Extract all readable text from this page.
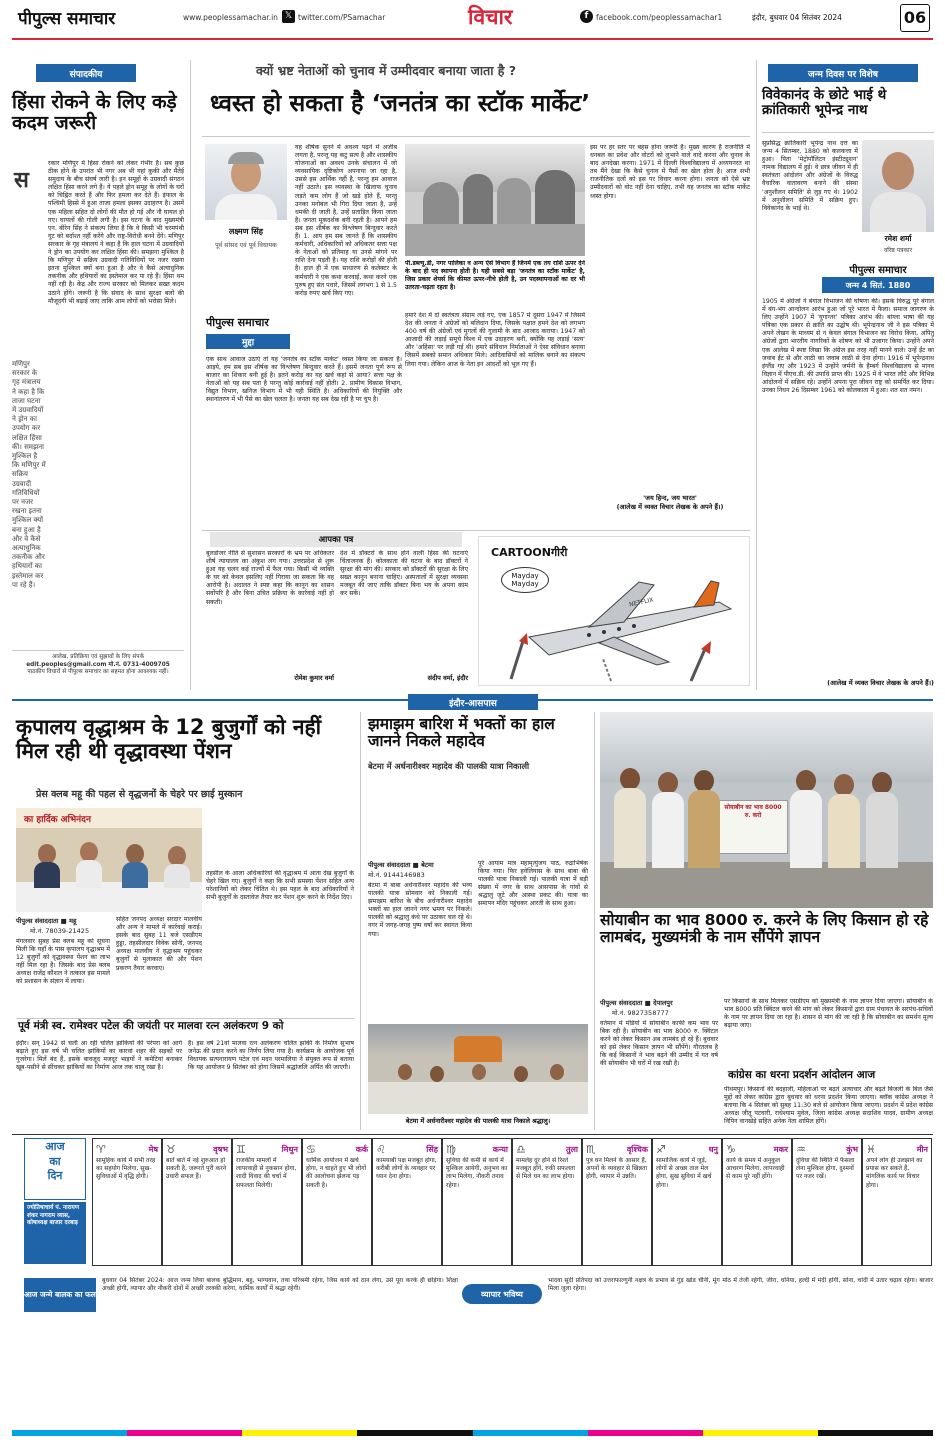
पीपुल्स समाचार	www.peoplessamachar.in 𝕏 twitter.com/PSamachar	विचार	f	facebook.com/peoplessamachar1	इंदौर, बुधवार 04 सितंबर 2024	06
संपादकीय
हिंसा रोकने के लिए कड़े कदम जरूरी
स
रकार मणिपुर में हिंसा रोकने को लेकर गंभीर है। सब कुछ ठीक होने के उपरांत भी नगर अब भी यहां कुकी और मैतेई समुदाय के बीच संघर्ष जारी है। इन समूहों के उग्रवादी संगठन लक्षित हिंसा करने लगे हैं। ये पहले ड्रोन समूह के लोगों के घरों को चिह्नित करते हैं और फिर हमला कर देते हैं। इंफाल के पश्चिमी हिस्से में हुआ ताजा हमला इसका उदाहरण है। उसमें एक महिला सहित दो लोगों की मौत हो गई और नौ घायल हो गए। घायलों की गोली लगी है। इस घटना के बाद मुख्यमंत्री एन. बीरेन सिंह ने संकल्प लिया है कि वे किसी भी चरमपंथी गुट को बर्दाश्त नहीं करेंगे और राष्ट्र-विरोधी बनने देंगे। मणिपुर सरकार के गृह मंत्रालय ने कहा है कि हाल घटना में उग्रवादियों ने ड्रोन का उपयोग कर लक्षित हिंसा की। समझना मुश्किल है कि मणिपुर में सक्रिय उग्रवादी गतिविधियों पर नजर रखना इतना मुश्किल क्यों बना हुआ है और वे कैसे अत्याधुनिक तकनीक और हथियारों का इस्तेमाल कर पा रहे हैं। हिंसा थम नहीं रही है। केंद्र और राज्य सरकार को मिलकर सख्त कदम उठाने होंगे। जरूरी है कि संवाद के साथ सुरक्षा बलों की मौजूदगी भी बढ़ाई जाए ताकि आम लोगों को भरोसा मिले।
मणिपुर सरकार के गृह मंत्रालय ने कहा है कि ताजा घटना में उग्रवादियों ने ड्रोन का उपयोग कर लक्षित हिंसा की। समझना मुश्किल है कि मणिपुर में सक्रिय उग्रवादी गतिविधियों पर नजर रखना इतना मुश्किल क्यों बना हुआ है और वे कैसे अत्याधुनिक तकनीक और हथियारों का इस्तेमाल कर पा रहे हैं।
आलेख, प्रतिक्रिया एवं सुझावों के लिए संपर्क
edit.peoples@gmail.com मो.नं. 0731-4009705
पाठकीय विचारों से पीपुल्स समाचार का सहमत होना आवश्यक नहीं।
क्यों भ्रष्ट नेताओं को चुनाव में उम्मीदवार बनाया जाता है ?
ध्वस्त हो सकता है ‘जनतंत्र का स्टॉक मार्केट’
लक्ष्मण सिंह
पूर्व सांसद एवं पूर्व विधायक
पीपुल्स समाचार
मुद्दा
यह शीर्षक सुनने में अवश्य पढ़ने में अजीब लगता है, परन्तु यह कटु सत्य है और शासकीय योजनाओं का अवश्य उनके संचालन में जो व्यवसायिक दृष्टिकोण अपनाया जा रहा है, उससे इस आर्थिक नहीं है, परन्तु हम आवाज नहीं उठाते। इस व्यवस्था के खिलाफ चुनाव लड़ते कम लोग हैं जो खड़े होते हैं, परन्तु उनका मनोबल भी गिरा दिया जाता है, उन्हें धमकी दी जाती है, उन्हें प्रताड़ित किया जाता है। जनता मूकदर्शक बनी रहती है। आपने हम सब इस शीर्षक का विश्लेषण बिन्दुवार करते हैं। 1. आप हम सब जानते हैं कि शासकीय कर्मचारी, अधिकारियों को अधिकतर सत्ता पक्ष के नेताओं को प्रतिमाह या उनसे मांगने पर राशि देना पड़ती है। यह राशि करोड़ों की होती है। हाल ही में एक साधारण से कलेक्टर के कर्मचारी ने एक कथा करवाई, कथा करने एक पुरुष हुए संत पधारे, जिसमें लगभग 1 से 1.5 करोड़ रुपए खर्च किए गए।
एक साथ आवाज उठाएं तो यह 'जनतंत्र का स्टॉक मार्केट' ध्वस्त किया जा सकता है। आइये, हम सब इस शीर्षक का विश्लेषण बिन्दुवार करते हैं। इसमें जनता पूर्ण रूप से बाजार का शिकार बनी हुई है। इतने करोड़ का यह खर्च कहां से आया? सत्ता पक्ष के नेताओं को यह सब पता है परन्तु कोई कार्रवाई नहीं होती। 2. प्रामीण विकास विभाग, विद्युत विभाग, खनिज विभाग में भी यही स्थिति है। अधिकारियों की नियुक्ति और स्थानांतरण में भी पैसे का खेल चलता है। जनता यह सब देख रही है पर चुप है।
पी.डब्ल्यू.डी, नगर पालिका व अन्य ऐसे विभाग हैं जिनमें एक तय राशि ऊपर देने के बाद ही पद स्थापना होती है। यही सबसे बड़ा 'जनतंत्र का स्टॉक मार्केट' है, जिस प्रकार शेयर्स कि कीमत ऊपर-नीचे होती है, उन पदस्थापनाओं का दर भी उतरता-चढ़ता रहता है।
हमारे देश में दो स्वतंत्रता संग्राम लड़े गए, एक 1857 में दूसरा 1947 में जिसमें देश की जनता ने अंग्रेजों को बलिदान दिया, जिसके पक्षात हमने देश को लगभग 400 वर्ष की अंग्रेजों एवं मुगलों की गुलामी के बाद आजाद कराया। 1947 को आजादी की लड़ाई समूचे विश्व में एक उदाहरण बनी, क्योंकि यह लड़ाई 'सत्य' और 'अहिंसा' पर लड़ी गई थी। हमारे संविधान निर्माताओं ने ऐसा संविधान बनाया जिसमें सबको समान अधिकार मिले। आदिवासियों को मालिक बनाने का संकल्प लिया गया। लेकिन आज के नेता इन आदर्शों को भूल गए हैं।
इस पर हर स्तर पर बहस होना जरूरी है। मुख्य कारण है राजनीति में धनबल का प्रवेश और वोटरों को लुभाने वाले वादे करना और चुनाव के बाद अनदेखा करना। 1971 में दिल्ली विश्वविद्यालय में अध्ययनरत था तब मैंने देखा कि कैसे चुनाव में पैसों का खेल होता है। आज सभी राजनीतिक दलों को इस पर विचार करना होगा। जनता को ऐसे भ्रष्ट उम्मीदवारों को वोट नहीं देना चाहिए, तभी यह जनतंत्र का स्टॉक मार्केट ध्वस्त होगा।
'जय हिन्द, जय भारत'
(आलेख में व्यक्त विचार लेखक के अपने हैं।)
आपका पत्र
बुलडोजर नीति से सुशासन सरकारों के भ्रम पर अधिकतर शीर्ष न्यायालय का अंकुश लग गया। उत्तरप्रदेश से शुरू हुआ यह चलन कई राज्यों में फैल गया। किसी भी व्यक्ति के घर को केवल इसलिए नहीं गिराया जा सकता कि वह आरोपी है। अदालत ने स्पष्ट कहा कि कानून का शासन सर्वोपरि है और बिना उचित प्रक्रिया के कार्रवाई नहीं हो सकती।
रोमेश कुमार वर्मा
देश में डॉक्टरों के साथ होने वाली हिंसा की घटनाएं चिंताजनक हैं। कोलकाता की घटना के बाद डॉक्टरों ने सुरक्षा की मांग की। सरकार को डॉक्टरों की सुरक्षा के लिए सख्त कानून बनाना चाहिए। अस्पतालों में सुरक्षा व्यवस्था मजबूत की जाए ताकि डॉक्टर बिना भय के अपना काम कर सकें।
संदीप वर्मा, इंदौर
CARTOONगीरी
Mayday Mayday
NETFLIX
जन्म दिवस पर विशेष
विवेकानंद के छोटे भाई थे क्रांतिकारी भूपेन्द्र नाथ
रमेश शर्मा
वरिष्ठ पत्रकार
सुप्रसिद्ध क्रांतिकारी भूपेन्द्र नाथ दत्त का जन्म 4 सितम्बर, 1880 को कलकत्ता में हुआ। पिता 'मेट्रोपॉलिटन इंस्टीट्यूशन' नामक विद्यालय में हुई। वे छात्र जीवन में ही स्वतंत्रता आंदोलन और अंग्रेजों के विरुद्ध वैचारिक वातावरण बनाने की संस्था 'अनुशीलन समिति' से जुड़ गए थे। 1902 में अनुशीलन समिति में सक्रिय हुए। विवेकानंद के भाई थे।
पीपुल्स समाचार
जन्म 4 सितं. 1880
1905 में अंग्रेजों ने बंगाल विभाजन की घोषणा की। इसके विरुद्ध पूरे बंगाल में बंग-भंग आन्दोलन आरंभ हुआ जो पूरे भारत में फैला। समाज जागरण के लिए उन्होंने 1907 में 'युगान्तर' पत्रिका आरंभ की। बांग्ला भाषा की यह पत्रिका एक प्रकार से क्रांति का उद्घोष थी। भूपेन्द्रनाथ जी ने इस पत्रिका में अपने लेखन के माध्यम से न केवल बंगाल विभाजन का विरोध किया, अपितु अंग्रेजों द्वारा भारतीय नागरिकों के शोषण को भी उजागर किया। उन्होंने अपने एक आलेख में स्पष्ट लिखा कि अंग्रेज इस तरह नहीं मानने वाले। उन्हें ईंट का जवाब ईंट से और लाठी का जवाब लाठी से देना होगा। 1916 में भूपेन्द्रनाथ इंग्लैंड गए और 1923 में उन्होंने जर्मनी के हैम्बर्ग विश्वविद्यालय से मानव विज्ञान में पीएच.डी. की उपाधि प्राप्त की। 1925 में वे भारत लौटे और विभिन्न आंदोलनों में सक्रिय रहे। उन्होंने अपना पूरा जीवन राष्ट्र को समर्पित कर दिया। उनका निधन 26 दिसम्बर 1961 को कोलकाता में हुआ। शत शत नमन।
(आलेख में व्यक्त विचार लेखक के अपने हैं।)
इंदौर-आसपास
कृपालय वृद्धाश्रम के 12 बुजुर्गों को नहीं मिल रही थी वृद्धावस्था पेंशन
प्रेस क्लब महू की पहल से वृद्धजनों के चेहरे पर छाई मुस्कान
का हार्दिक अभिनंदन
पीपुल्स संवाददाता ■ महू
मो.नं. 78039-21425
मंगलवार सुबह प्रेस क्लब महू को सूचना मिली कि यहाँ के पास कृपालय वृद्धाश्रम में 12 बुजुर्गों को वृद्धावस्था पेंशन का लाभ नहीं मिल रहा है। जिसके बाद प्रेस क्लब अध्यक्ष राजेंद्र कौशल ने तत्काल इस मामले को प्रशासन के संज्ञान में लाया।
सहित जनपद अध्यक्ष सरदार मालवीय और अन्य ने मामले में कार्रवाई कराई। इसके बाद सुबह 11 बजे एसडीएम हुड्डा, तहसीलदार विवेक सोनी, जनपद अध्यक्ष मालवीय ने वृद्धाश्रम पहुंचकर बुजुर्गों से मुलाकात की और पेंशन प्रकरण तैयार करवाए।
तहसील के आला अधिकारियों की वृद्धाश्रम में आता देख बुजुर्गों के चेहरे खिल गए। बुजुर्गों ने कहा कि सभी समस्या पेंशन सहित अन्य परेशानियों को लेकर चिंतित थे। इस पहल के बाद अधिकारियों ने सभी बुजुर्गों के दस्तावेज तैयार कर पेंशन शुरू करने के निर्देश दिए।
पूर्व मंत्री स्व. रामेश्वर पटेल की जयंती पर मालवा रत्न अलंकरण 9 को
इंदौर। सन् 1942 से चली आ रही चलित झांकियों की परंपरा को आगे बढ़ाते हुए इस वर्ष भी चलित झांकियों का कारवां शहर की सड़कों पर गुजरेगा। मिलें बंद हैं, इसके बावजूद मजदूर भाइयों ने कमेटियां बनाकर खूब-पसीने से सींचकर झांकियों का निर्माण आज तक चालू रखा है।
है। इस वर्ष 21वां मालवा रत्न अलंकरण चलित झांकी के निर्माण सुभाष जनेऊ की प्रदान करने का निर्णय लिया गया है। कार्यक्रम के आयोजक पूर्व विधायक सत्यनारायण पटेल एवं मदन परमालिया ने संयुक्त रूप से बताया कि यह आयोजन 9 सितंबर को होगा जिसमें श्रद्धांजलि अर्पित की जाएगी।
झमाझम बारिश में भक्तों का हाल जानने निकले महादेव
बेटमा में अर्धनारीश्वर महादेव की पालकी यात्रा निकाली
पीपुल्स संवाददाता ■ बेटमा
मो.नं. 9144146983
बेटमा में बाबा अर्धनारीश्वर महादेव की भव्य पालकी यात्रा सोमवार को निकाली गई। झमाझम बारिश के बीच अर्धनारीश्वर महादेव भक्तों का हाल जानने नगर भ्रमण पर निकले। पालकी को श्रद्धालु कंधे पर उठाकर चल रहे थे। नगर में जगह-जगह पुष्प वर्षा कर स्वागत किया गया।
पूरे आयाम मात्र महामृत्युंजय पाठ, रुद्राभिषेक किया गया। फिर हवेलियास के साथ बाबा की पालकी यात्रा निकाली गई। पालकी यात्रा में बड़ी संख्या में नगर के साथ आसपास के गांवों से श्रद्धालु जुटे और आस्था प्रकट की। यात्रा का समापन मंदिर पहुंचकर आरती के साथ हुआ।
बेटमा में अर्धनारीश्वर महादेव की पालकी यात्रा निकाले श्रद्धालु।
सोयाबीन का भाव 8000 रु. करो
सोयाबीन का भाव 8000 रु. करने के लिए किसान हो रहे लामबंद, मुख्यमंत्री के नाम सौंपेंगे ज्ञापन
पीपुल्स संवाददाता ■ देपालपुर
मो.नं. 9827358777
वर्तमान में मंडियों में सोयाबीन काफी कम भाव पर बिक रही है। सोयाबीन का भाव 8000 रु. क्विंटल करने को लेकर किसान अब लामबंद हो रहे हैं। बुधवार को इसे लेकर किसान ज्ञापन भी सौंपेंगे। गौरतलब है कि कई किसानों ने भाव बढ़ने की उम्मीद में गत वर्ष की सोयाबीन भी घरों में रख रखी है।
पर किसानों के साथ मिलकर एसडीएम को मुख्यमंत्री के नाम ज्ञापन दिया जाएगा। सोयाबीन के भाव 8000 प्रति क्विंटल करने की मांग को लेकर किसानों द्वारा ग्राम पंचायत के सरपंच-सचिवों के नाम पर ज्ञापन दिया जा रहा है। शासन से मांग की जा रही है कि सोयाबीन का समर्थन मूल्य बढ़ाया जाए।
कांग्रेस का धरना प्रदर्शन आंदोलन आज
पीथमपुर। किसानों की बदहाली, महिलाओं पर बढ़ते अत्याचार और बढ़ते बिजली के बिल जैसे मुद्दों को लेकर कांग्रेस द्वारा बुधवार को धरना प्रदर्शन किया जाएगा। ब्लॉक कांग्रेस अध्यक्ष ने बताया कि 4 सितंबर को सुबह 11:30 बजे से आयोजन किया जाएगा। प्रदर्शन में प्रदेश कांग्रेस अध्यक्ष जीतू पटवारी, राधेश्याम मुवेल, जिला कांग्रेस अध्यक्ष सदाशिव यादव, ग्रामीण अध्यक्ष विपिन वानखेड़े सहित अनेक नेता शामिल होंगे।
आज
का
दिन
ज्योतिषाचार्य पं. नारायण शंकर नागराम व्यास, कोषाध्यक्ष बाजार दरबाड़
♈	मेष
सामूहिक कार्य में सभी तरह का सहयोग मिलेगा, सुख-सुविधाओं में वृद्धि होगी।
♉	वृषभ
बातें बाते में नई शुरुआत हो सकती है, जरूरते पूरी करने उधारी सफल हैं।
♊	मिथुन
राजकीय मामलों में लापरवाही से नुकसान होगा, शादी विवाद की चर्चा में सफलता मिलेगी।
♋	कर्क
धार्मिक आयोजन में खर्च होगा, न चाहते हुए भी लोगों की आलोचना झेलना पड़ सकती है।
♌	सिंह
कामयाबी पक्ष मजबूत होगा, करीबी लोगों के व्यवहार पर ध्यान देना होगा।
♍	कन्या
सुविधा की कमी से कार्य में मुश्किल आयेगी, अनुभव का लाभ मिलेगा, नौकरी तनाव रहेगा।
♎	तुला
मामलेह दूर होने से रिश्ते मजबूत होंगे, रुकी सफलता से मिले धन का लाभ होगा।
♏	वृश्चिक
पुत्र धन मिलने के आसार हैं, अपनों के व्यवहार से खिन्नता होगी, व्यापार में उन्नति।
♐	धनु
सामाजिक कार्य में जुड़ें, लोगों से अच्छा ताल मेल होगा, सुख सुविधा में खर्च होगा।
♑	मकर
कार्य के समय में अनुकूल आचरण मिलेगा, लापरवाही से काम पूरे नहीं होंगे।
♒	कुंभ
दुविधा की स्थिति में फैसला लेना मुश्किल होगा, दुश्मनों पर नजर रखें।
♓	मीन
अपने लोग ही उलझाने का प्रयास कर सकते हैं, मांगलिक कार्य पर विचार होगा।
आज जन्मे बालक का फल
बुधवार 04 सितंबर 2024: आज जन्म लिया बालक बुद्धिमान, बहु, भाग्यवान, तथा परिश्रमी रहेगा, जिस कार्य को ठान लेगा, उसे पूरा करके ही छोड़ेगा। शिक्षा अच्छी होगी, व्यापार और नौकरी दोनों में अच्छी तरक्की करेगा, धार्मिक कार्यों में श्रद्धा रहेगी।
व्यापार भविष्य
भादवा सुदी प्रतिपदा को उत्तराफाल्गुनी नक्षत्र के प्रभाव से गुड़ खांड चीनी, मूंग मोठ में तेजी रहेगी, जीरा, धनिया, हल्दी में मंदी होगी, सोना, चांदी में उतार चढ़ाव रहेगा। बाजार मिला जुला रहेगा।
